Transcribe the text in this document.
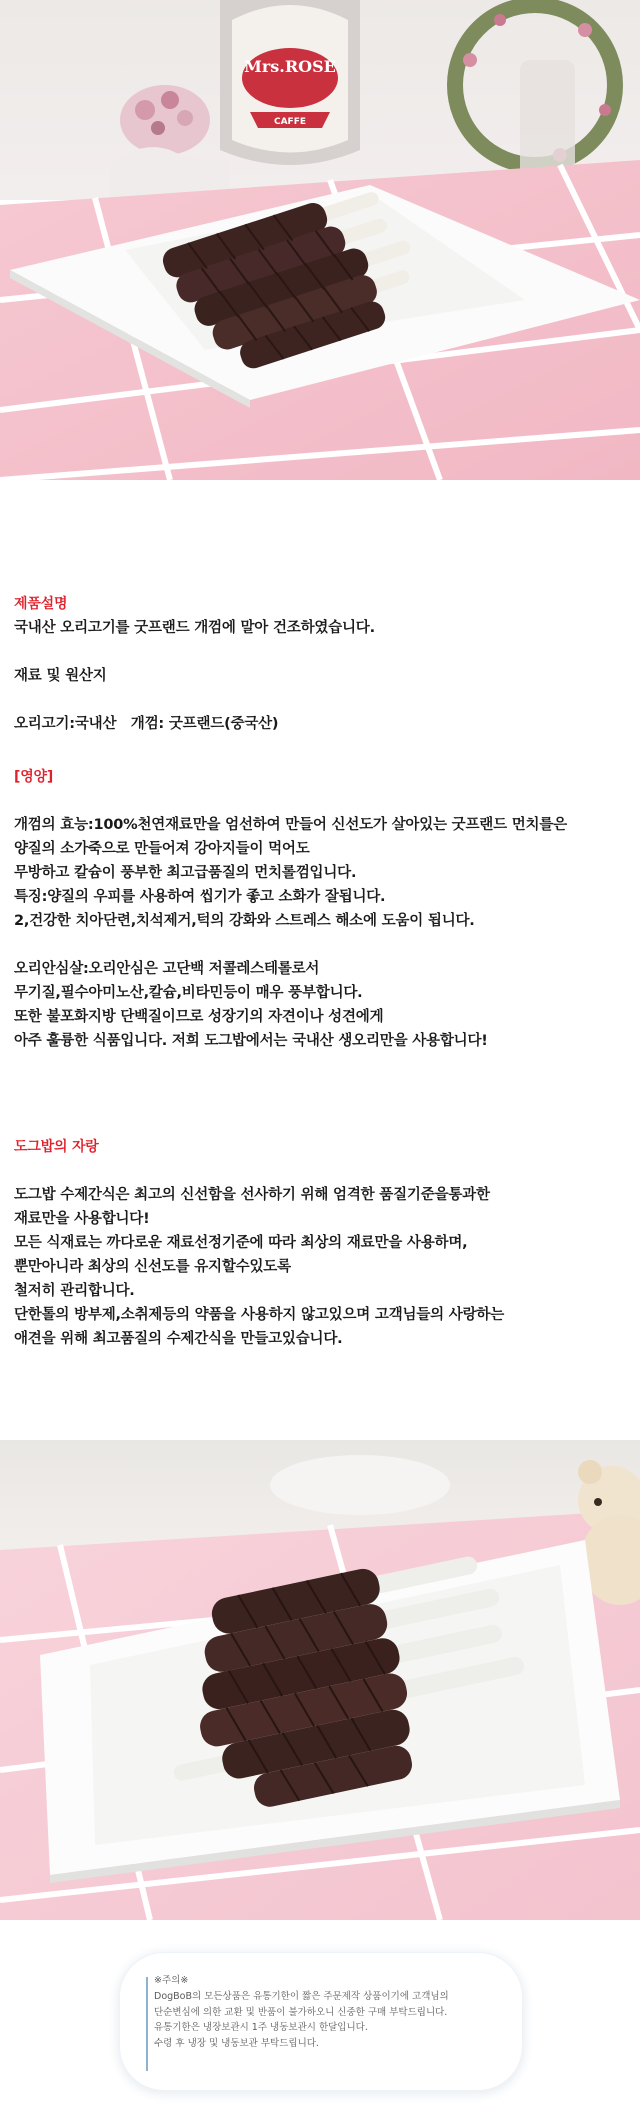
Mrs.ROSE
CAFFE
제품설명
국내산 오리고기를 굿프랜드 개껌에 말아 건조하였습니다.
재료 및 원산지
오리고기:국내산   개껌: 굿프랜드(중국산)
[영양]
개껌의 효능:100%천연재료만을 엄선하여 만들어 신선도가 살아있는 굿프랜드 먼치를은
양질의 소가죽으로 만들어져 강아지들이 먹어도
무방하고 칼슘이 풍부한 최고급품질의 먼치롤껌입니다.
특징:양질의 우피를 사용하여 씹기가 좋고 소화가 잘됩니다.
2,건강한 치아단련,치석제거,턱의 강화와 스트레스 해소에 도움이 됩니다.
오리안심살:오리안심은 고단백 저콜레스테롤로서
무기질,필수아미노산,칼슘,비타민등이 매우 풍부합니다.
또한 불포화지방 단백질이므로 성장기의 자견이나 성견에게
아주 훌륭한 식품입니다. 저희 도그밥에서는 국내산 생오리만을 사용합니다!
도그밥의 자랑
도그밥 수제간식은 최고의 신선함을 선사하기 위해 엄격한 품질기준을통과한
재료만을 사용합니다!
모든 식재료는 까다로운 재료선정기준에 따라 최상의 재료만을 사용하며,
뿐만아니라 최상의 신선도를 유지할수있도록
철저히 관리합니다.
단한톨의 방부제,소취제등의 약품을 사용하지 않고있으며 고객님들의 사랑하는
애견을 위해 최고품질의 수제간식을 만들고있습니다.
※주의※
DogBoB의 모든상품은 유통기한이 짧은 주문제작 상품이기에 고객님의
단순변심에 의한 교환 및 반품이 불가하오니 신중한 구매 부탁드립니다.
유통기한은 냉장보관시 1주 냉동보관시 한달입니다.
수령 후 냉장 및 냉동보관 부탁드립니다.
